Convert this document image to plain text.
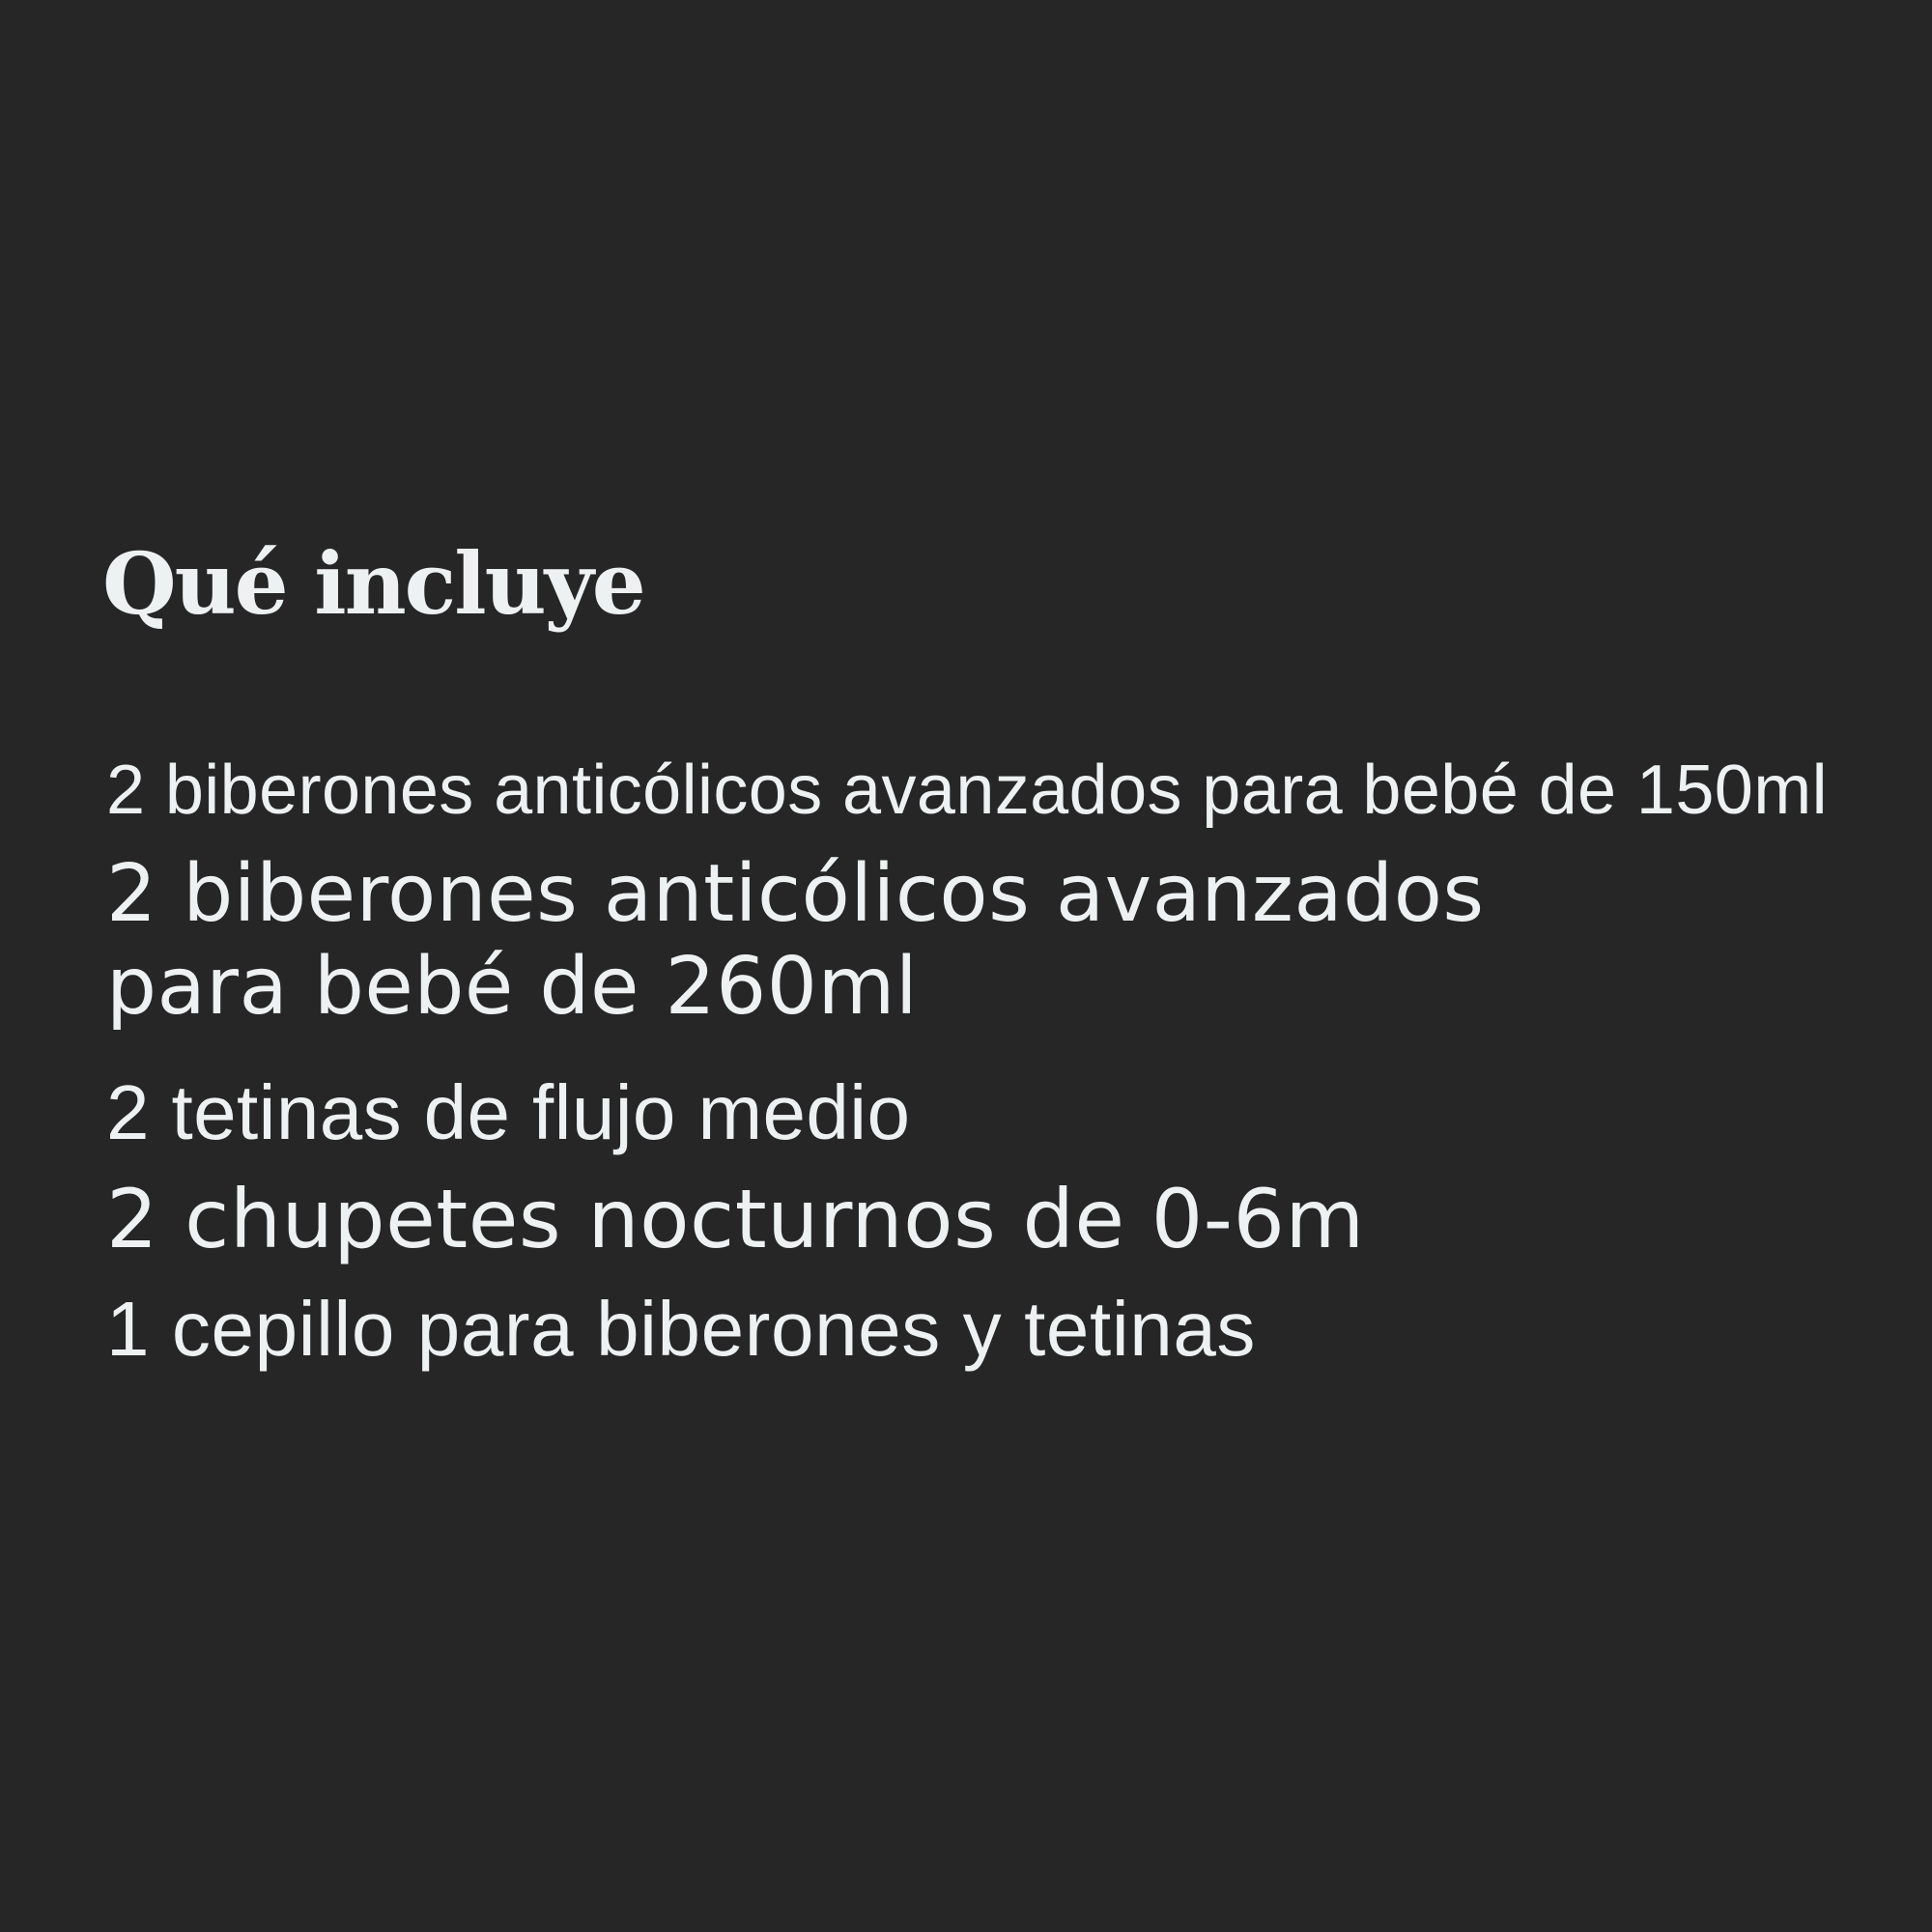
Qué incluye

2 biberones anticólicos avanzados para bebé de 150ml

2 biberones anticólicos avanzados para bebé de 260ml

2 tetinas de flujo medio

2 chupetes nocturnos de 0-6m

1 cepillo para biberones y tetinas
